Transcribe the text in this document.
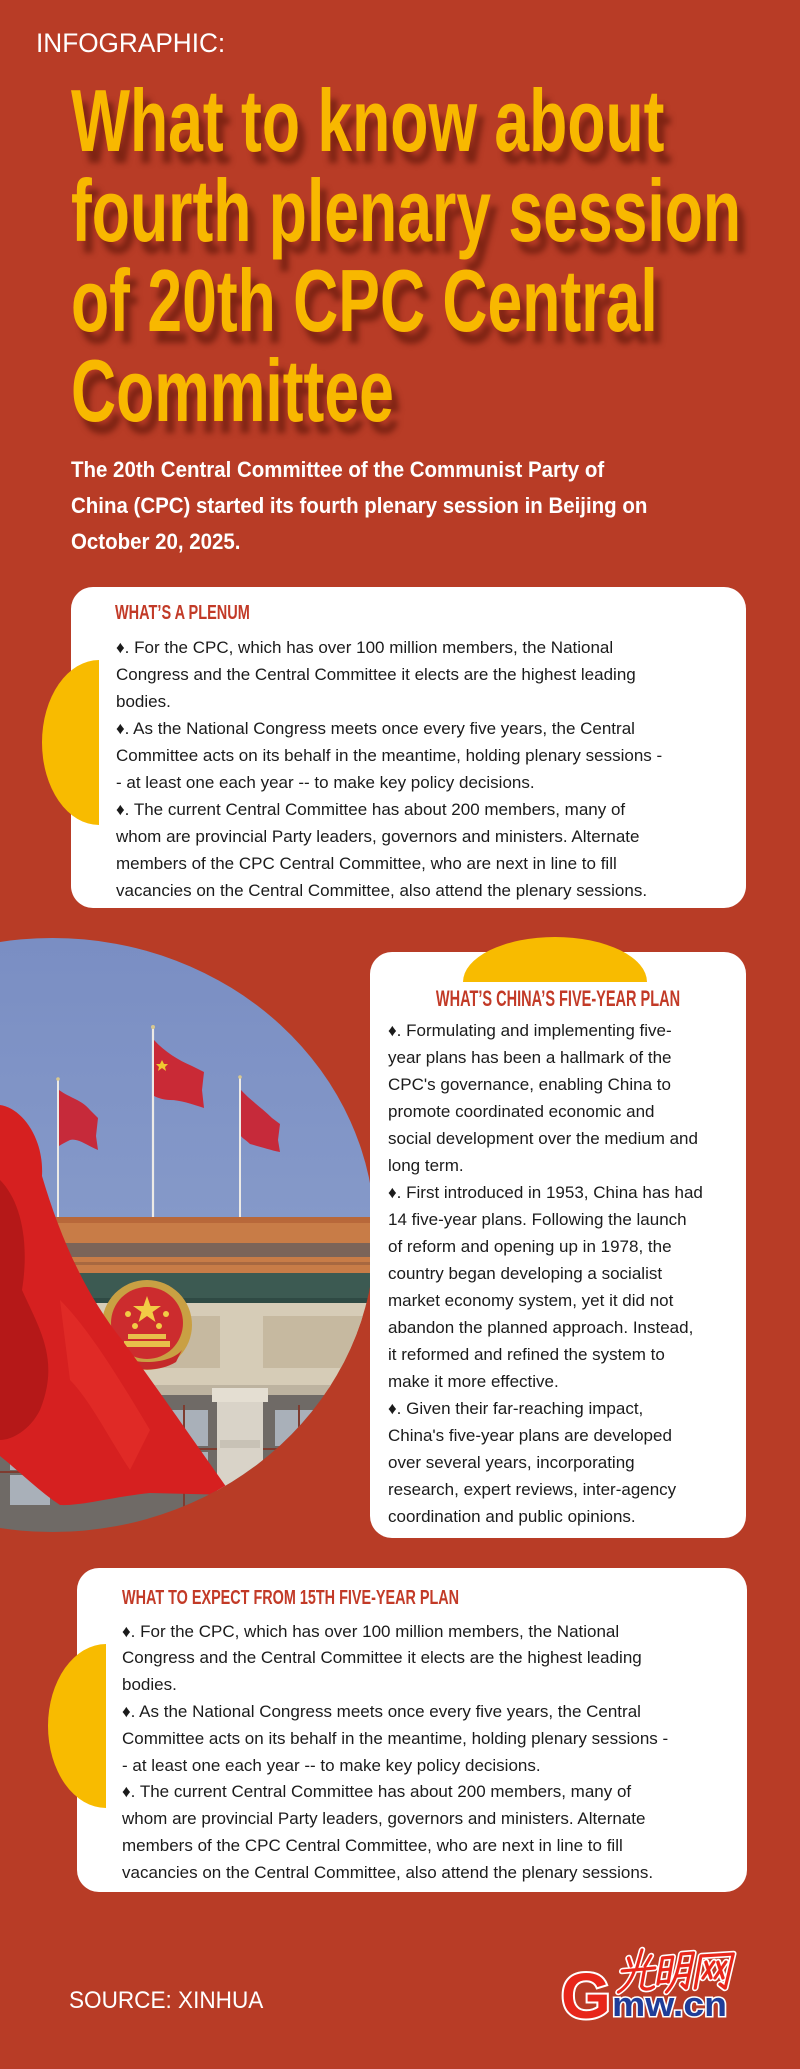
INFOGRAPHIC:
What to know about
fourth plenary session
of 20th CPC Central
Committee
The 20th Central Committee of the Communist Party of
China (CPC) started its fourth plenary session in Beijing on
October 20, 2025.
WHAT’S A PLENUM
♦. For the CPC, which has over 100 million members, the National
Congress and the Central Committee it elects are the highest leading
bodies.
♦. As the National Congress meets once every five years, the Central
Committee acts on its behalf in the meantime, holding plenary sessions -
- at least one each year -- to make key policy decisions.
♦. The current Central Committee has about 200 members, many of
whom are provincial Party leaders, governors and ministers. Alternate
members of the CPC Central Committee, who are next in line to fill
vacancies on the Central Committee, also attend the plenary sessions.
WHAT’S CHINA’S FIVE-YEAR PLAN
♦. Formulating and implementing five-
year plans has been a hallmark of the
CPC's governance, enabling China to
promote coordinated economic and
social development over the medium and
long term.
♦. First introduced in 1953, China has had
14 five-year plans. Following the launch
of reform and opening up in 1978, the
country began developing a socialist
market economy system, yet it did not
abandon the planned approach. Instead,
it reformed and refined the system to
make it more effective.
♦. Given their far-reaching impact,
China's five-year plans are developed
over several years, incorporating
research, expert reviews, inter-agency
coordination and public opinions.
WHAT TO EXPECT FROM 15TH FIVE-YEAR PLAN
♦. For the CPC, which has over 100 million members, the National
Congress and the Central Committee it elects are the highest leading
bodies.
♦. As the National Congress meets once every five years, the Central
Committee acts on its behalf in the meantime, holding plenary sessions -
- at least one each year -- to make key policy decisions.
♦. The current Central Committee has about 200 members, many of
whom are provincial Party leaders, governors and ministers. Alternate
members of the CPC Central Committee, who are next in line to fill
vacancies on the Central Committee, also attend the plenary sessions.
SOURCE: XINHUA	G mw.cn
